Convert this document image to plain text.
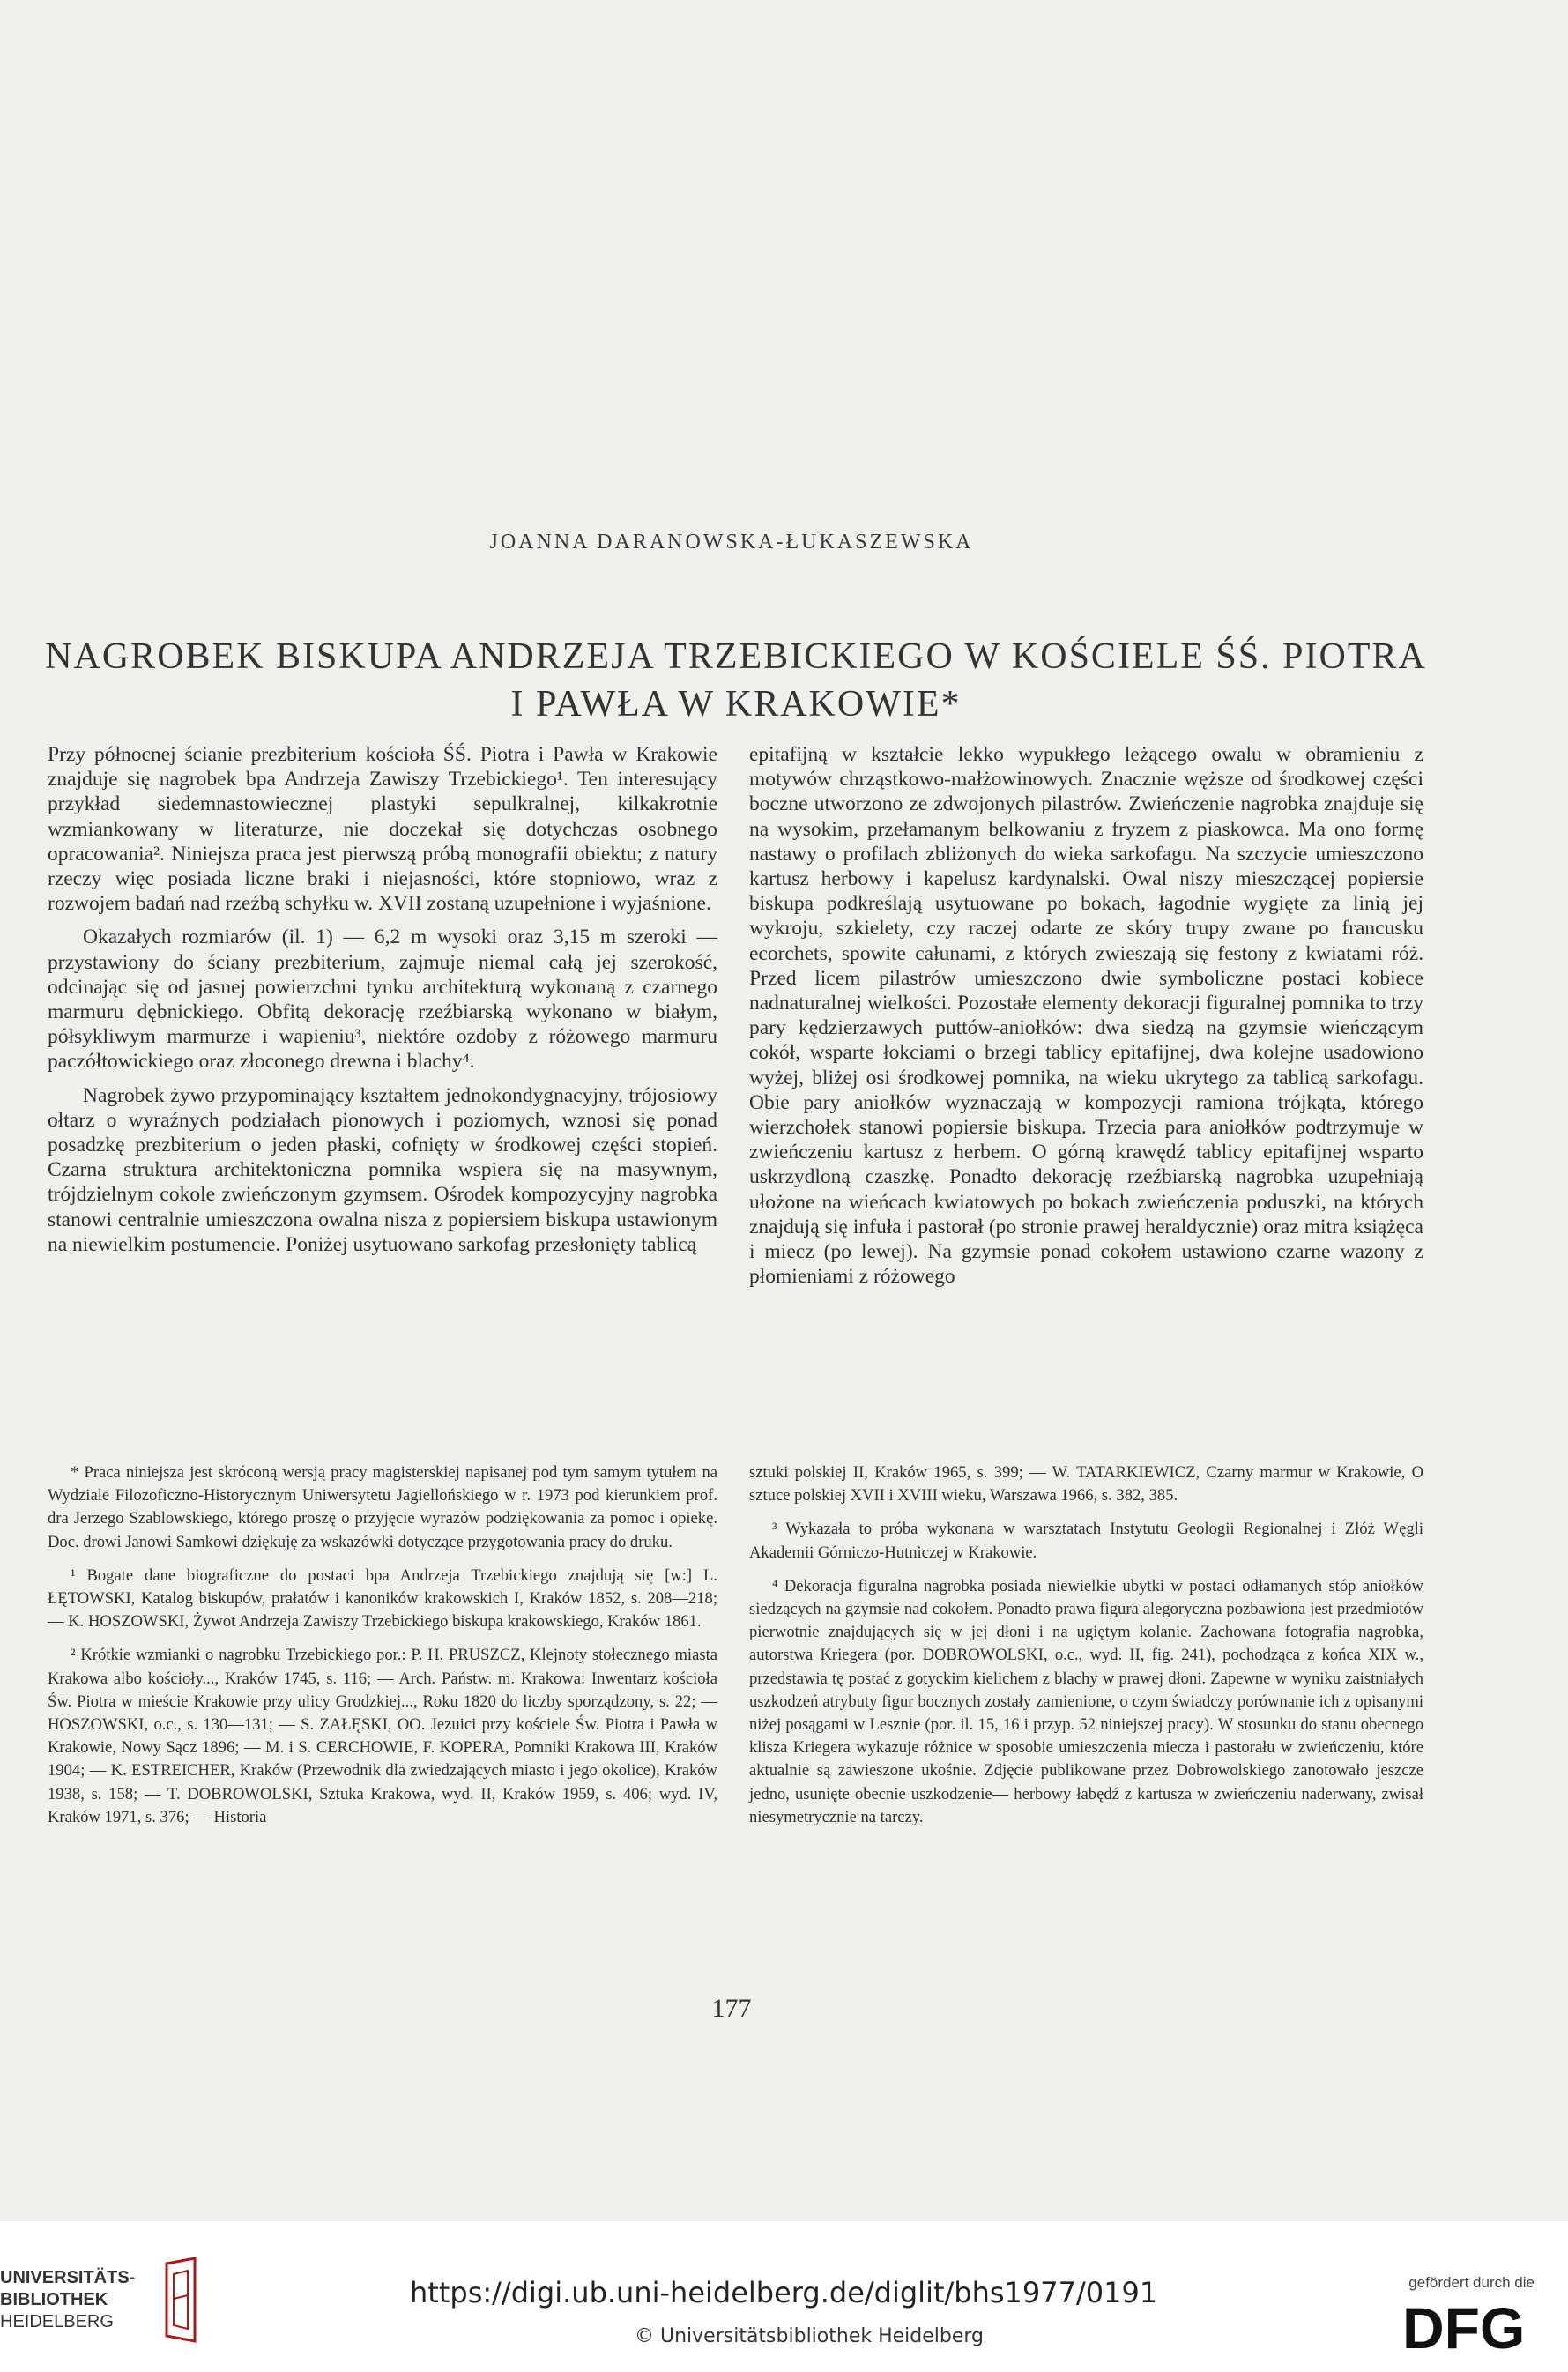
JOANNA DARANOWSKA-ŁUKASZEWSKA
NAGROBEK BISKUPA ANDRZEJA TRZEBICKIEGO W KOŚCIELE ŚŚ. PIOTRA
I PAWŁA W KRAKOWIE*

Przy północnej ścianie prezbiterium kościoła ŚŚ. Piotra i Pawła w Krakowie znajduje się nagrobek bpa Andrzeja Zawiszy Trzebickiego¹. Ten interesujący przykład siedemnastowiecznej plastyki sepulkralnej, kilkakrotnie wzmiankowany w literaturze, nie doczekał się dotychczas osobnego opracowania². Niniejsza praca jest pierwszą próbą monografii obiektu; z natury rzeczy więc posiada liczne braki i niejasności, które stopniowo, wraz z rozwojem badań nad rzeźbą schyłku w. XVII zostaną uzupełnione i wyjaśnione.

Okazałych rozmiarów (il. 1) — 6,2 m wysoki oraz 3,15 m szeroki — przystawiony do ściany prezbiterium, zajmuje niemal całą jej szerokość, odcinając się od jasnej powierzchni tynku architekturą wykonaną z czarnego marmuru dębnickiego. Obfitą dekorację rzeźbiarską wykonano w białym, półsykliwym marmurze i wapieniu³, niektóre ozdoby z różowego marmuru paczółtowickiego oraz złoconego drewna i blachy⁴.

Nagrobek żywo przypominający kształtem jednokondygnacyjny, trójosiowy ołtarz o wyraźnych podziałach pionowych i poziomych, wznosi się ponad posadzkę prezbiterium o jeden płaski, cofnięty w środkowej części stopień. Czarna struktura architektoniczna pomnika wspiera się na masywnym, trójdzielnym cokole zwieńczonym gzymsem. Ośrodek kompozycyjny nagrobka stanowi centralnie umieszczona owalna nisza z popiersiem biskupa ustawionym na niewielkim postumencie. Poniżej usytuowano sarkofag przesłonięty tablicą

epitafijną w kształcie lekko wypukłego leżącego owalu w obramieniu z motywów chrząstkowo-małżowinowych. Znacznie węższe od środkowej części boczne utworzono ze zdwojonych pilastrów. Zwieńczenie nagrobka znajduje się na wysokim, przełamanym belkowaniu z fryzem z piaskowca. Ma ono formę nastawy o profilach zbliżonych do wieka sarkofagu. Na szczycie umieszczono kartusz herbowy i kapelusz kardynalski. Owal niszy mieszczącej popiersie biskupa podkreślają usytuowane po bokach, łagodnie wygięte za linią jej wykroju, szkielety, czy raczej odarte ze skóry trupy zwane po francusku ecorchets, spowite całunami, z których zwieszają się festony z kwiatami róż. Przed licem pilastrów umieszczono dwie symboliczne postaci kobiece nadnaturalnej wielkości. Pozostałe elementy dekoracji figuralnej pomnika to trzy pary kędzierzawych puttów-aniołków: dwa siedzą na gzymsie wieńczącym cokół, wsparte łokciami o brzegi tablicy epitafijnej, dwa kolejne usadowiono wyżej, bliżej osi środkowej pomnika, na wieku ukrytego za tablicą sarkofagu. Obie pary aniołków wyznaczają w kompozycji ramiona trójkąta, którego wierzchołek stanowi popiersie biskupa. Trzecia para aniołków podtrzymuje w zwieńczeniu kartusz z herbem. O górną krawędź tablicy epitafijnej wsparto uskrzydloną czaszkę. Ponadto dekorację rzeźbiarską nagrobka uzupełniają ułożone na wieńcach kwiatowych po bokach zwieńczenia poduszki, na których znajdują się infuła i pastorał (po stronie prawej heraldycznie) oraz mitra książęca i miecz (po lewej). Na gzymsie ponad cokołem ustawiono czarne wazony z płomieniami z różowego

* Praca niniejsza jest skróconą wersją pracy magisterskiej napisanej pod tym samym tytułem na Wydziale Filozoficzno-Historycznym Uniwersytetu Jagiellońskiego w r. 1973 pod kierunkiem prof. dra Jerzego Szablowskiego, którego proszę o przyjęcie wyrazów podziękowania za pomoc i opiekę. Doc. drowi Janowi Samkowi dziękuję za wskazówki dotyczące przygotowania pracy do druku.

¹ Bogate dane biograficzne do postaci bpa Andrzeja Trzebickiego znajdują się [w:] L. ŁĘTOWSKI, Katalog biskupów, prałatów i kanoników krakowskich I, Kraków 1852, s. 208—218; — K. HOSZOWSKI, Żywot Andrzeja Zawiszy Trzebickiego biskupa krakowskiego, Kraków 1861.

² Krótkie wzmianki o nagrobku Trzebickiego por.: P. H. PRUSZCZ, Klejnoty stołecznego miasta Krakowa albo kościoły..., Kraków 1745, s. 116; — Arch. Państw. m. Krakowa: Inwentarz kościoła Św. Piotra w mieście Krakowie przy ulicy Grodzkiej..., Roku 1820 do liczby sporządzony, s. 22; — HOSZOWSKI, o.c., s. 130—131; — S. ZAŁĘSKI, OO. Jezuici przy kościele Św. Piotra i Pawła w Krakowie, Nowy Sącz 1896; — M. i S. CERCHOWIE, F. KOPERA, Pomniki Krakowa III, Kraków 1904; — K. ESTREICHER, Kraków (Przewodnik dla zwiedzających miasto i jego okolice), Kraków 1938, s. 158; — T. DOBROWOLSKI, Sztuka Krakowa, wyd. II, Kraków 1959, s. 406; wyd. IV, Kraków 1971, s. 376; — Historia

sztuki polskiej II, Kraków 1965, s. 399; — W. TATARKIEWICZ, Czarny marmur w Krakowie, O sztuce polskiej XVII i XVIII wieku, Warszawa 1966, s. 382, 385.

³ Wykazała to próba wykonana w warsztatach Instytutu Geologii Regionalnej i Złóż Węgli Akademii Górniczo-Hutniczej w Krakowie.

⁴ Dekoracja figuralna nagrobka posiada niewielkie ubytki w postaci odłamanych stóp aniołków siedzących na gzymsie nad cokołem. Ponadto prawa figura alegoryczna pozbawiona jest przedmiotów pierwotnie znajdujących się w jej dłoni i na ugiętym kolanie. Zachowana fotografia nagrobka, autorstwa Kriegera (por. DOBROWOLSKI, o.c., wyd. II, fig. 241), pochodząca z końca XIX w., przedstawia tę postać z gotyckim kielichem z blachy w prawej dłoni. Zapewne w wyniku zaistniałych uszkodzeń atrybuty figur bocznych zostały zamienione, o czym świadczy porównanie ich z opisanymi niżej posągami w Lesznie (por. il. 15, 16 i przyp. 52 niniejszej pracy). W stosunku do stanu obecnego klisza Kriegera wykazuje różnice w sposobie umieszczenia miecza i pastorału w zwieńczeniu, które aktualnie są zawieszone ukośnie. Zdjęcie publikowane przez Dobrowolskiego zanotowało jeszcze jedno, usunięte obecnie uszkodzenie— herbowy łabędź z kartusza w zwieńczeniu naderwany, zwisał niesymetrycznie na tarczy.

177
UNIVERSITÄTS-
BIBLIOTHEK
HEIDELBERG
https://digi.ub.uni-heidelberg.de/diglit/bhs1977/0191
© Universitätsbibliothek Heidelberg
gefördert durch die
DFG
